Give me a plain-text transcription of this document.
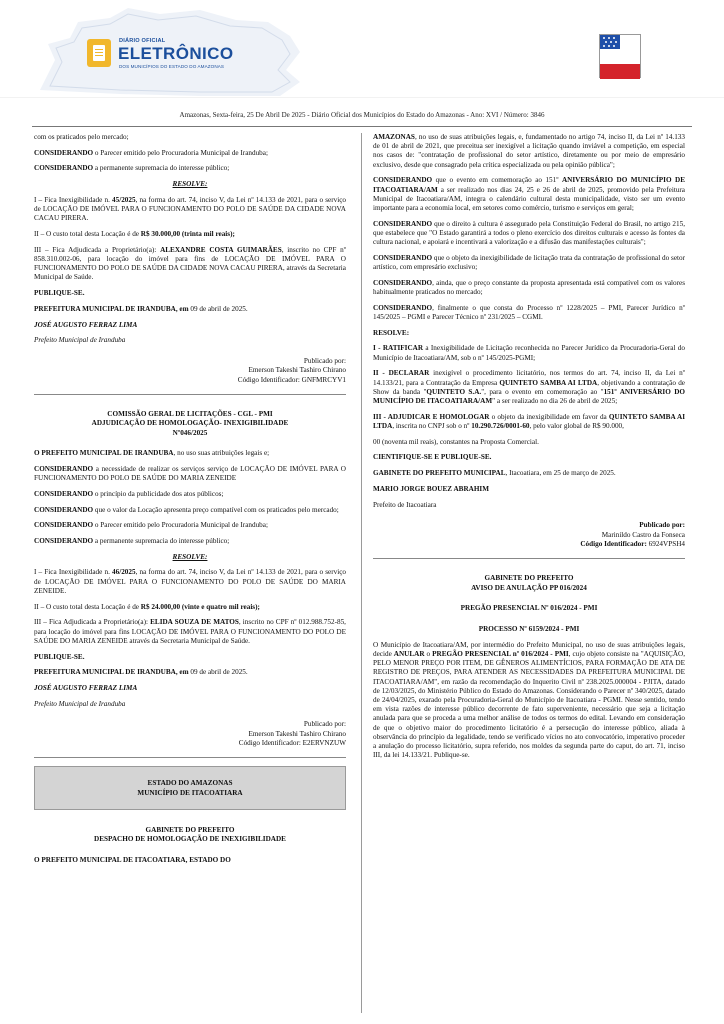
DIÁRIO OFICIAL
ELETRÔNICO
DOS MUNICÍPIOS DO ESTADO DO AMAZONAS
Amazonas, Sexta-feira, 25 De Abril De 2025 - Diário Oficial dos Municípios do Estado do Amazonas - Ano: XVI / Número: 3846

com os praticados pelo mercado;

CONSIDERANDO o Parecer emitido pelo Procuradoria Municipal de Iranduba;

CONSIDERANDO a permanente supremacia do interesse público;

RESOLVE:

I – Fica Inexigibilidade n. 45/2025, na forma do art. 74, inciso V, da Lei nº 14.133 de 2021, para o serviço de LOCAÇÃO DE IMÓVEL PARA O FUNCIONAMENTO DO POLO DE SAÚDE DA CIDADE NOVA CACAU PIRERA.

II – O custo total desta Locação é de R$ 30.000,00 (trinta mil reais);

III – Fica Adjudicada a Proprietário(a): ALEXANDRE COSTA GUIMARÃES, inscrito no CPF nº 858.310.002-06, para locação do imóvel para fins de LOCAÇÃO DE IMÓVEL PARA O FUNCIONAMENTO DO POLO DE SAÚDE DA CIDADE NOVA CACAU PIRERA, através da Secretaria Municipal de Saúde.

PUBLIQUE-SE.

PREFEITURA MUNICIPAL DE IRANDUBA, em 09 de abril de 2025.

JOSÉ AUGUSTO FERRAZ LIMA

Prefeito Municipal de Iranduba

Publicado por:

Emerson Takeshi Tashiro Chirano

Código Identificador: GNFMRCYV1

COMISSÃO GERAL DE LICITAÇÕES - CGL - PMI

ADJUDICAÇÃO DE HOMOLOGAÇÃO- INEXIGIBILIDADE

Nº046/2025

O PREFEITO MUNICIPAL DE IRANDUBA, no uso suas atribuições legais e;

CONSIDERANDO a necessidade de realizar os serviços serviço de LOCAÇÃO DE IMÓVEL PARA O FUNCIONAMENTO DO POLO DE SAÚDE DO MARIA ZENEIDE

CONSIDERANDO o princípio da publicidade dos atos públicos;

CONSIDERANDO que o valor da Locação apresenta preço compatível com os praticados pelo mercado;

CONSIDERANDO o Parecer emitido pelo Procuradoria Municipal de Iranduba;

CONSIDERANDO a permanente supremacia do interesse público;

RESOLVE:

I – Fica Inexigibilidade n. 46/2025, na forma do art. 74, inciso V, da Lei nº 14.133 de 2021, para o serviço de LOCAÇÃO DE IMÓVEL PARA O FUNCIONAMENTO DO POLO DE SAÚDE DO MARIA ZENEIDE.

II – O custo total desta Locação é de R$ 24.000,00 (vinte e quatro mil reais);

III – Fica Adjudicada a Proprietário(a): ELIDA SOUZA DE MATOS, inscrito no CPF nº 012.988.752-85, para locação do imóvel para fins LOCAÇÃO DE IMÓVEL PARA O FUNCIONAMENTO DO POLO DE SAÚDE DO MARIA ZENEIDE através da Secretaria Municipal de Saúde.

PUBLIQUE-SE.

PREFEITURA MUNICIPAL DE IRANDUBA, em 09 de abril de 2025.

JOSÉ AUGUSTO FERRAZ LIMA

Prefeito Municipal de Iranduba

Publicado por:

Emerson Takeshi Tashiro Chirano

Código Identificador: E2ERVNZUW

ESTADO DO AMAZONAS
MUNICÍPIO DE ITACOATIARA

GABINETE DO PREFEITO

DESPACHO DE HOMOLOGAÇÃO DE INEXIGIBILIDADE

O PREFEITO MUNICIPAL DE ITACOATIARA, ESTADO DO

AMAZONAS, no uso de suas atribuições legais, e, fundamentado no artigo 74, inciso II, da Lei nº 14.133 de 01 de abril de 2021, que preceitua ser inexigível a licitação quando inviável a competição, em especial nos casos de: "contratação de profissional do setor artístico, diretamente ou por meio de empresário exclusivo, desde que consagrado pela crítica especializada ou pela opinião pública";

CONSIDERANDO que o evento em comemoração ao 151º ANIVERSÁRIO DO MUNICÍPIO DE ITACOATIARA/AM a ser realizado nos dias 24, 25 e 26 de abril de 2025, promovido pela Prefeitura Municipal de Itacoatiara/AM, integra o calendário cultural desta municipalidade, visto ser um evento importante para a economia local, em setores como comércio, turismo e serviços em geral;

CONSIDERANDO que o direito à cultura é assegurado pela Constituição Federal do Brasil, no artigo 215, que estabelece que "O Estado garantirá a todos o pleno exercício dos direitos culturais e acesso às fontes da cultura nacional, e apoiará e incentivará a valorização e a difusão das manifestações culturais";

CONSIDERANDO que o objeto da inexigibilidade de licitação trata da contratação de profissional do setor artístico, com empresário exclusivo;

CONSIDERANDO, ainda, que o preço constante da proposta apresentada está compatível com os valores habitualmente praticados no mercado;

CONSIDERANDO, finalmente o que consta do Processo nº 1228/2025 – PMI, Parecer Jurídico nº 145/2025 – PGMI e Parecer Técnico nº 231/2025 – CGMI.

RESOLVE:

I - RATIFICAR a Inexigibilidade de Licitação reconhecida no Parecer Jurídico da Procuradoria-Geral do Município de Itacoatiara/AM, sob o nº 145/2025-PGMI;

II - DECLARAR inexigível o procedimento licitatório, nos termos do art. 74, inciso II, da Lei nº 14.133/21, para a Contratação da Empresa QUINTETO SAMBA AI LTDA, objetivando a contratação de Show da banda "QUINTETO S.A.", para o evento em comemoração ao "151º ANIVERSÁRIO DO MUNICÍPIO DE ITACOATIARA/AM" a ser realizado no dia 26 de abril de 2025;

III - ADJUDICAR E HOMOLOGAR o objeto da inexigibilidade em favor da QUINTETO SAMBA AI LTDA, inscrita no CNPJ sob o nº 10.290.726/0001-60, pelo valor global de R$ 90.000,

00 (noventa mil reais), constantes na Proposta Comercial.

CIENTIFIQUE-SE E PUBLIQUE-SE.

GABINETE DO PREFEITO MUNICIPAL, Itacoatiara, em 25 de março de 2025.

MARIO JORGE BOUEZ ABRAHIM

Prefeito de Itacoatiara

Publicado por:

Marinildo Castro da Fonseca

Código Identificador: 6924VPSH4

GABINETE DO PREFEITO

AVISO DE ANULAÇÃO PP 016/2024

PREGÃO PRESENCIAL Nº 016/2024 - PMI

PROCESSO Nº 6159/2024 - PMI

O Município de Itacoatiara/AM, por intermédio do Prefeito Municipal, no uso de suas atribuições legais, decide ANULAR o PREGÃO PRESENCIAL nº 016/2024 - PMI, cujo objeto consiste na "AQUISIÇÃO, PELO MENOR PREÇO POR ITEM, DE GÊNEROS ALIMENTÍCIOS, PARA FORMAÇÃO DE ATA DE REGISTRO DE PREÇOS, PARA ATENDER AS NECESSIDADES DA PREFEITURA MUNICIPAL DE ITACOATIARA/AM", em razão da recomendação do Inquerito Civil nº 238.2025.000004 - PJITA, datado de 12/03/2025, do Ministério Público do Estado do Amazonas. Considerando o Parecer nº 340/2025, datado de 24/04/2025, exarado pela Procuradoria-Geral do Município de Itacoatiara - PGMI. Nesse sentido, tendo em vista razões de interesse público decorrente de fato superveniente, necessário que seja a licitação anulada para que se proceda a uma melhor análise de todos os termos do edital. Levando em consideração de que o objetivo maior do procedimento licitatório é a persecução do interesse público, aliada à observância do princípio da legalidade, tendo se verificado vícios no ato convocatório, imperativo proceder a anulação do processo licitatório, supra referido, nos moldes da segunda parte do caput, do art. 71, inciso III, da lei 14.133/21. Publique-se.
